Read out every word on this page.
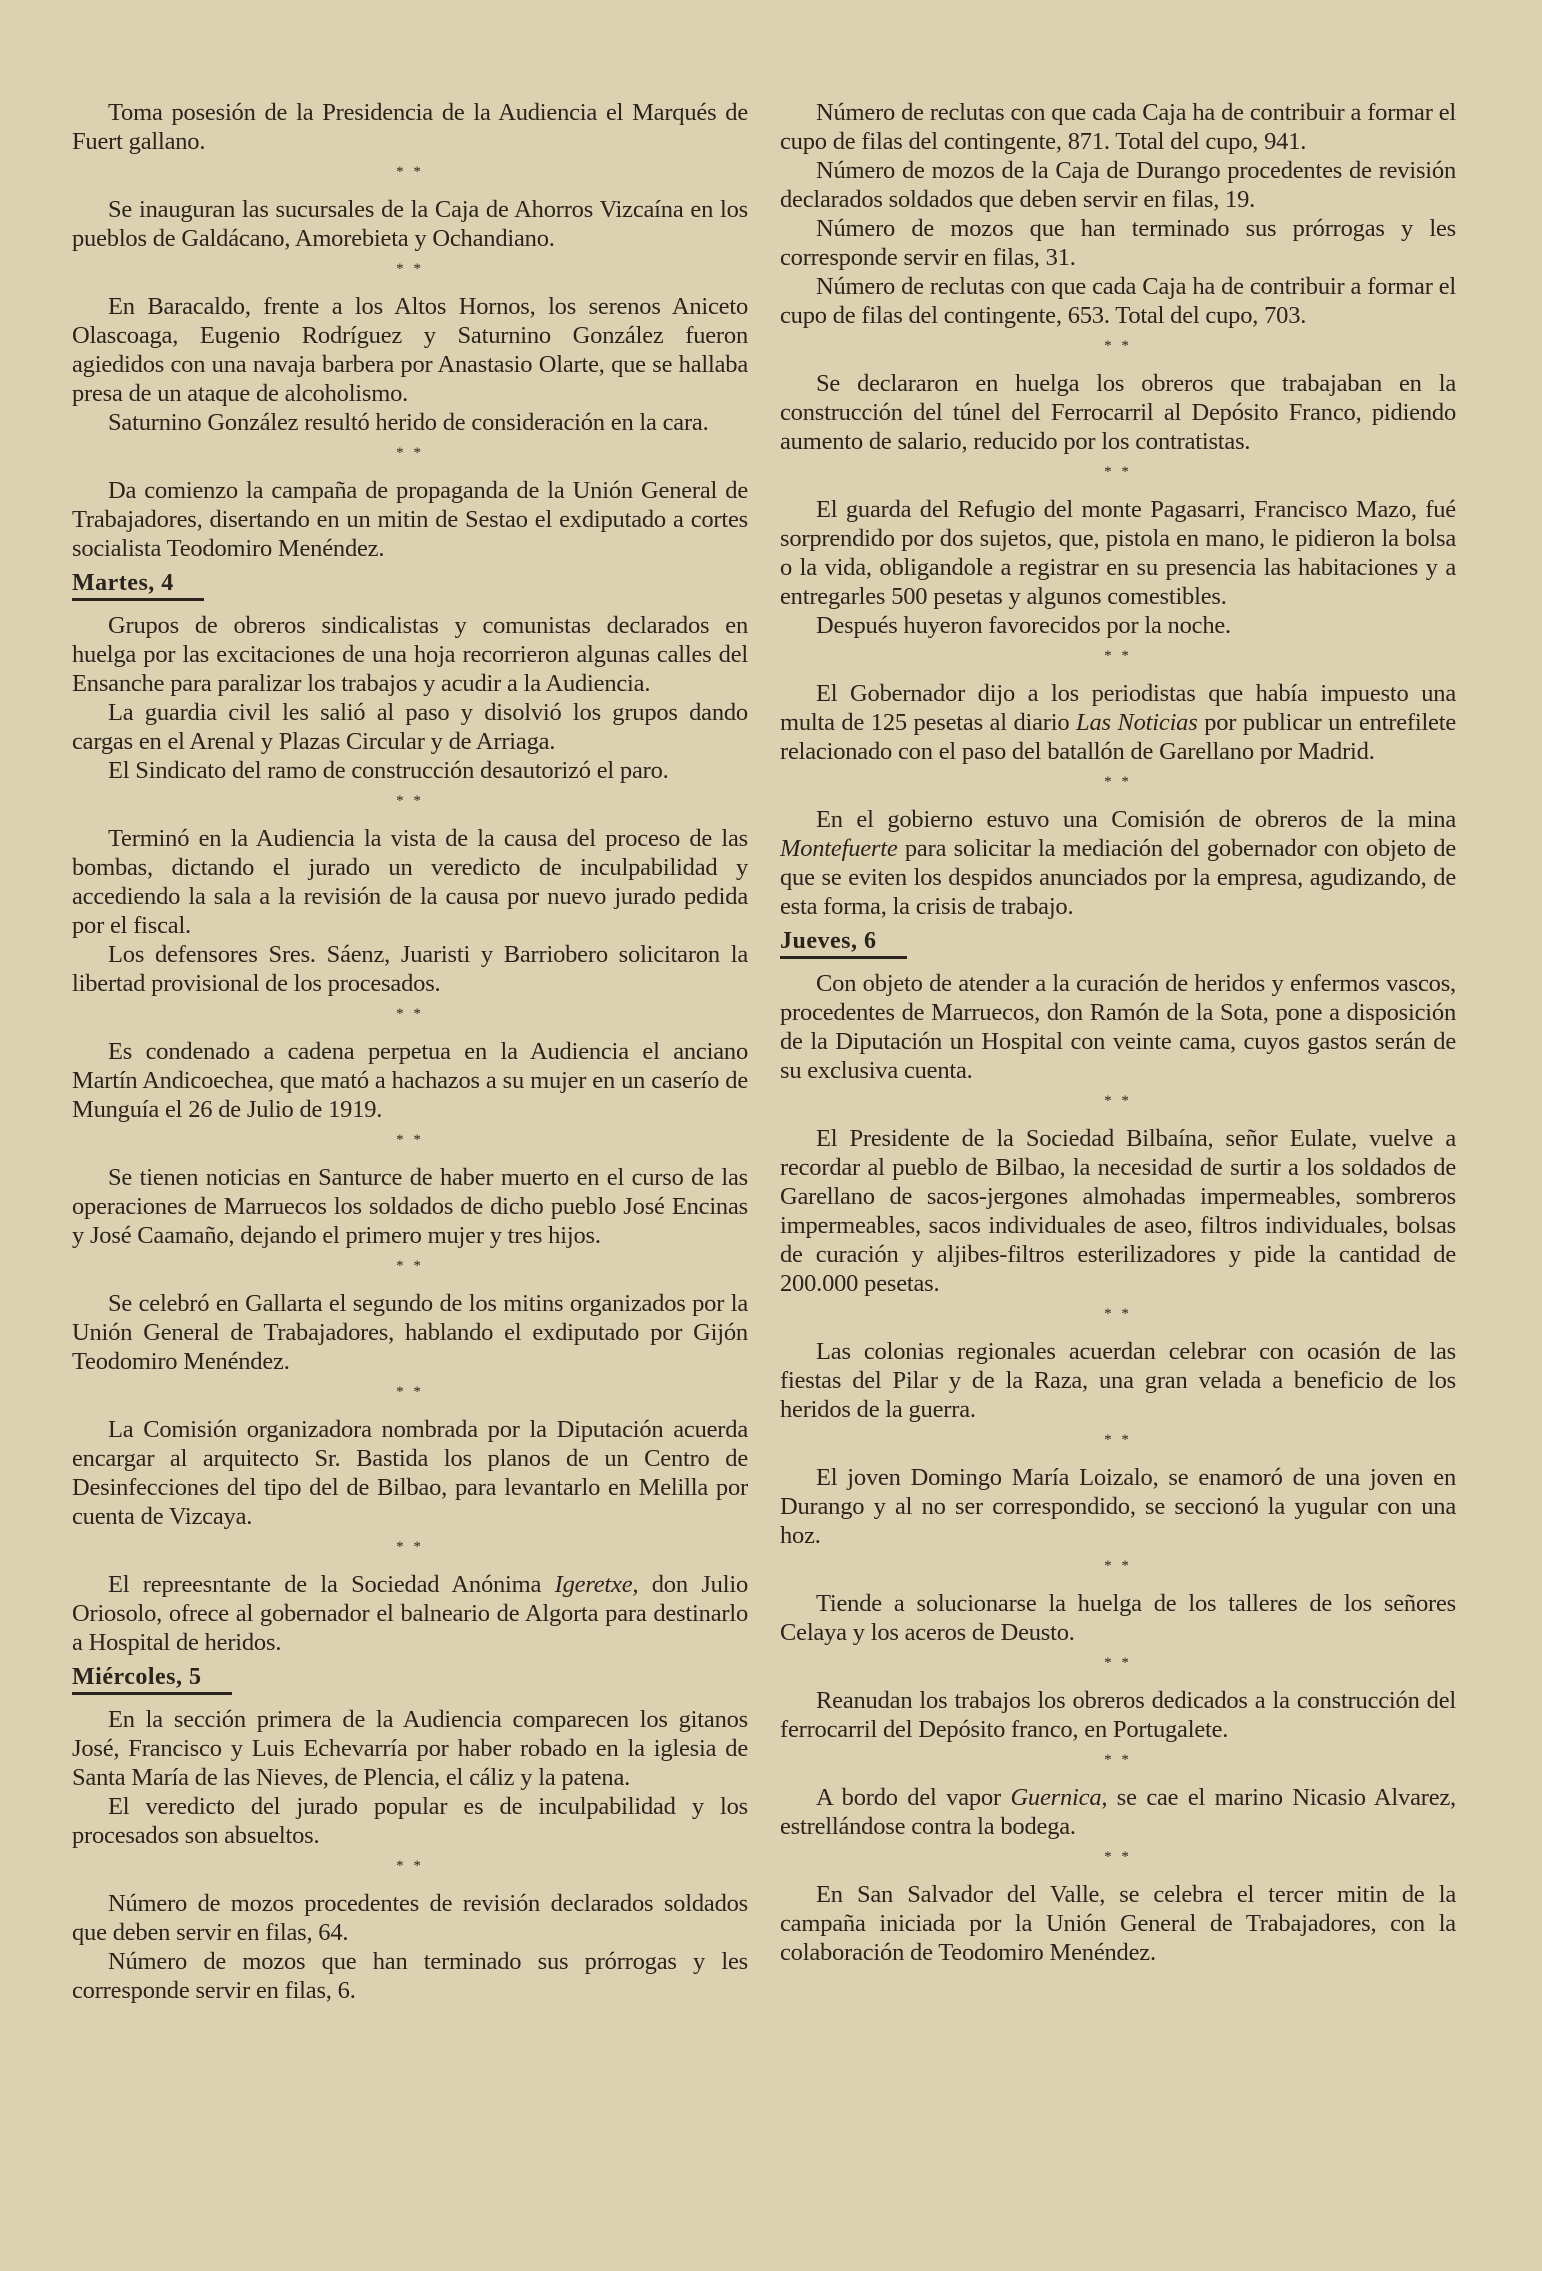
Toma posesión de la Presidencia de la Audiencia el Marqués de Fuert gallano.

* *

Se inauguran las sucursales de la Caja de Ahorros Vizcaína en los pueblos de Galdácano, Amorebieta y Ochandiano.

* *

En Baracaldo, frente a los Altos Hornos, los serenos Aniceto Olascoaga, Eugenio Rodríguez y Saturnino González fueron agiedidos con una navaja barbera por Anastasio Olarte, que se hallaba presa de un ataque de alcoholismo.

Saturnino González resultó herido de consideración en la cara.

* *

Da comienzo la campaña de propaganda de la Unión General de Trabajadores, disertando en un mitin de Sestao el exdiputado a cortes socialista Teodomiro Menéndez.

Martes, 4

Grupos de obreros sindicalistas y comunistas declarados en huelga por las excitaciones de una hoja recorrieron algunas calles del Ensanche para paralizar los trabajos y acudir a la Audiencia.

La guardia civil les salió al paso y disolvió los grupos dando cargas en el Arenal y Plazas Circular y de Arriaga.

El Sindicato del ramo de construcción desautorizó el paro.

* *

Terminó en la Audiencia la vista de la causa del proceso de las bombas, dictando el jurado un veredicto de inculpabilidad y accediendo la sala a la revisión de la causa por nuevo jurado pedida por el fiscal.

Los defensores Sres. Sáenz, Juaristi y Barriobero solicitaron la libertad provisional de los procesados.

* *

Es condenado a cadena perpetua en la Audiencia el anciano Martín Andicoechea, que mató a hachazos a su mujer en un caserío de Munguía el 26 de Julio de 1919.

* *

Se tienen noticias en Santurce de haber muerto en el curso de las operaciones de Marruecos los soldados de dicho pueblo José Encinas y José Caamaño, dejando el primero mujer y tres hijos.

* *

Se celebró en Gallarta el segundo de los mitins organizados por la Unión General de Trabajadores, hablando el exdiputado por Gijón Teodomiro Menéndez.

* *

La Comisión organizadora nombrada por la Diputación acuerda encargar al arquitecto Sr. Bastida los planos de un Centro de Desinfecciones del tipo del de Bilbao, para levantarlo en Melilla por cuenta de Vizcaya.

* *

El repreesntante de la Sociedad Anónima Igeretxe, don Julio Oriosolo, ofrece al gobernador el balneario de Algorta para destinarlo a Hospital de heridos.

Miércoles, 5

En la sección primera de la Audiencia comparecen los gitanos José, Francisco y Luis Echevarría por haber robado en la iglesia de Santa María de las Nieves, de Plencia, el cáliz y la patena.

El veredicto del jurado popular es de inculpabilidad y los procesados son absueltos.

* *

Número de mozos procedentes de revisión declarados soldados que deben servir en filas, 64.

Número de mozos que han terminado sus prórrogas y les corresponde servir en filas, 6.

Número de reclutas con que cada Caja ha de contribuir a formar el cupo de filas del contingente, 871. Total del cupo, 941.

Número de mozos de la Caja de Durango procedentes de revisión declarados soldados que deben servir en filas, 19.

Número de mozos que han terminado sus prórrogas y les corresponde servir en filas, 31.

Número de reclutas con que cada Caja ha de contribuir a formar el cupo de filas del contingente, 653. Total del cupo, 703.

* *

Se declararon en huelga los obreros que trabajaban en la construcción del túnel del Ferrocarril al Depósito Franco, pidiendo aumento de salario, reducido por los contratistas.

* *

El guarda del Refugio del monte Pagasarri, Francisco Mazo, fué sorprendido por dos sujetos, que, pistola en mano, le pidieron la bolsa o la vida, obligandole a registrar en su presencia las habitaciones y a entregarles 500 pesetas y algunos comestibles.

Después huyeron favorecidos por la noche.

* *

El Gobernador dijo a los periodistas que había impuesto una multa de 125 pesetas al diario Las Noticias por publicar un entrefilete relacionado con el paso del batallón de Garellano por Madrid.

* *

En el gobierno estuvo una Comisión de obreros de la mina Montefuerte para solicitar la mediación del gobernador con objeto de que se eviten los despidos anunciados por la empresa, agudizando, de esta forma, la crisis de trabajo.

Jueves, 6

Con objeto de atender a la curación de heridos y enfermos vascos, procedentes de Marruecos, don Ramón de la Sota, pone a disposición de la Diputación un Hospital con veinte cama, cuyos gastos serán de su exclusiva cuenta.

* *

El Presidente de la Sociedad Bilbaína, señor Eulate, vuelve a recordar al pueblo de Bilbao, la necesidad de surtir a los soldados de Garellano de sacos-jergones almohadas impermeables, sombreros impermeables, sacos individuales de aseo, filtros individuales, bolsas de curación y aljibes-filtros esterilizadores y pide la cantidad de 200.000 pesetas.

* *

Las colonias regionales acuerdan celebrar con ocasión de las fiestas del Pilar y de la Raza, una gran velada a beneficio de los heridos de la guerra.

* *

El joven Domingo María Loizalo, se enamoró de una joven en Durango y al no ser correspondido, se seccionó la yugular con una hoz.

* *

Tiende a solucionarse la huelga de los talleres de los señores Celaya y los aceros de Deusto.

* *

Reanudan los trabajos los obreros dedicados a la construcción del ferrocarril del Depósito franco, en Portugalete.

* *

A bordo del vapor Guernica, se cae el marino Nicasio Alvarez, estrellándose contra la bodega.

* *

En San Salvador del Valle, se celebra el tercer mitin de la campaña iniciada por la Unión General de Trabajadores, con la colaboración de Teodomiro Menéndez.
